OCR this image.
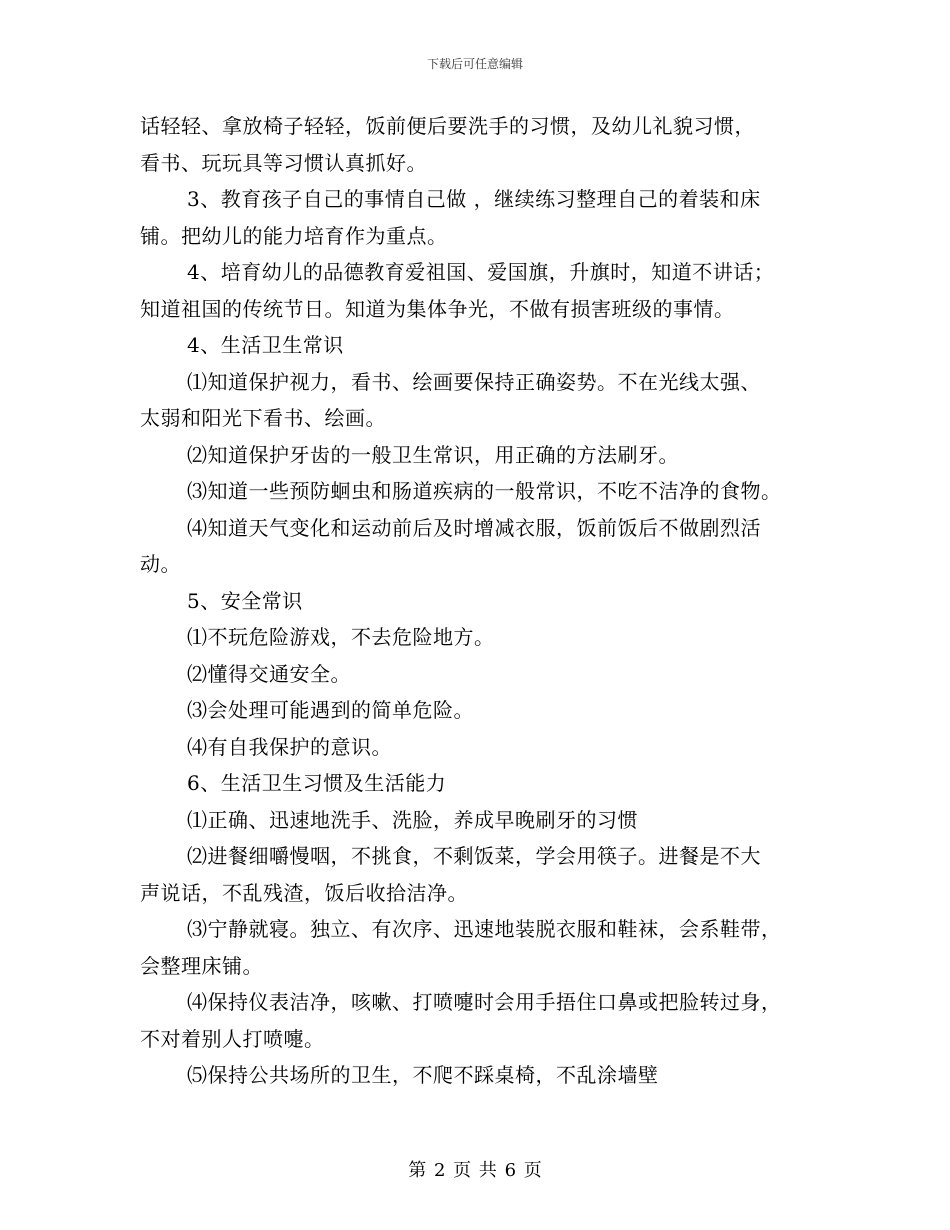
下载后可任意编辑
话轻轻、拿放椅子轻轻，饭前便后要洗手的习惯，及幼儿礼貌习惯，
看书、玩玩具等习惯认真抓好。
3、教育孩子自己的事情自己做 ，继续练习整理自己的着装和床
铺。把幼儿的能力培育作为重点。
4、培育幼儿的品德教育爱祖国、爱国旗，升旗时，知道不讲话；
知道祖国的传统节日。知道为集体争光，不做有损害班级的事情。
4、生活卫生常识
⑴知道保护视力，看书、绘画要保持正确姿势。不在光线太强、
太弱和阳光下看书、绘画。
⑵知道保护牙齿的一般卫生常识，用正确的方法刷牙。
⑶知道一些预防蛔虫和肠道疾病的一般常识，不吃不洁净的食物。
⑷知道天气变化和运动前后及时增减衣服，饭前饭后不做剧烈活
动。
5、安全常识
⑴不玩危险游戏，不去危险地方。
⑵懂得交通安全。
⑶会处理可能遇到的简单危险。
⑷有自我保护的意识。
6、生活卫生习惯及生活能力
⑴正确、迅速地洗手、洗脸，养成早晚刷牙的习惯
⑵进餐细嚼慢咽，不挑食，不剩饭菜，学会用筷子。进餐是不大
声说话，不乱残渣，饭后收拾洁净。
⑶宁静就寝。独立、有次序、迅速地装脱衣服和鞋袜，会系鞋带，
会整理床铺。
⑷保持仪表洁净，咳嗽、打喷嚏时会用手捂住口鼻或把脸转过身，
不对着别人打喷嚏。
⑸保持公共场所的卫生，不爬不踩桌椅，不乱涂墙壁
第 2 页 共 6 页
